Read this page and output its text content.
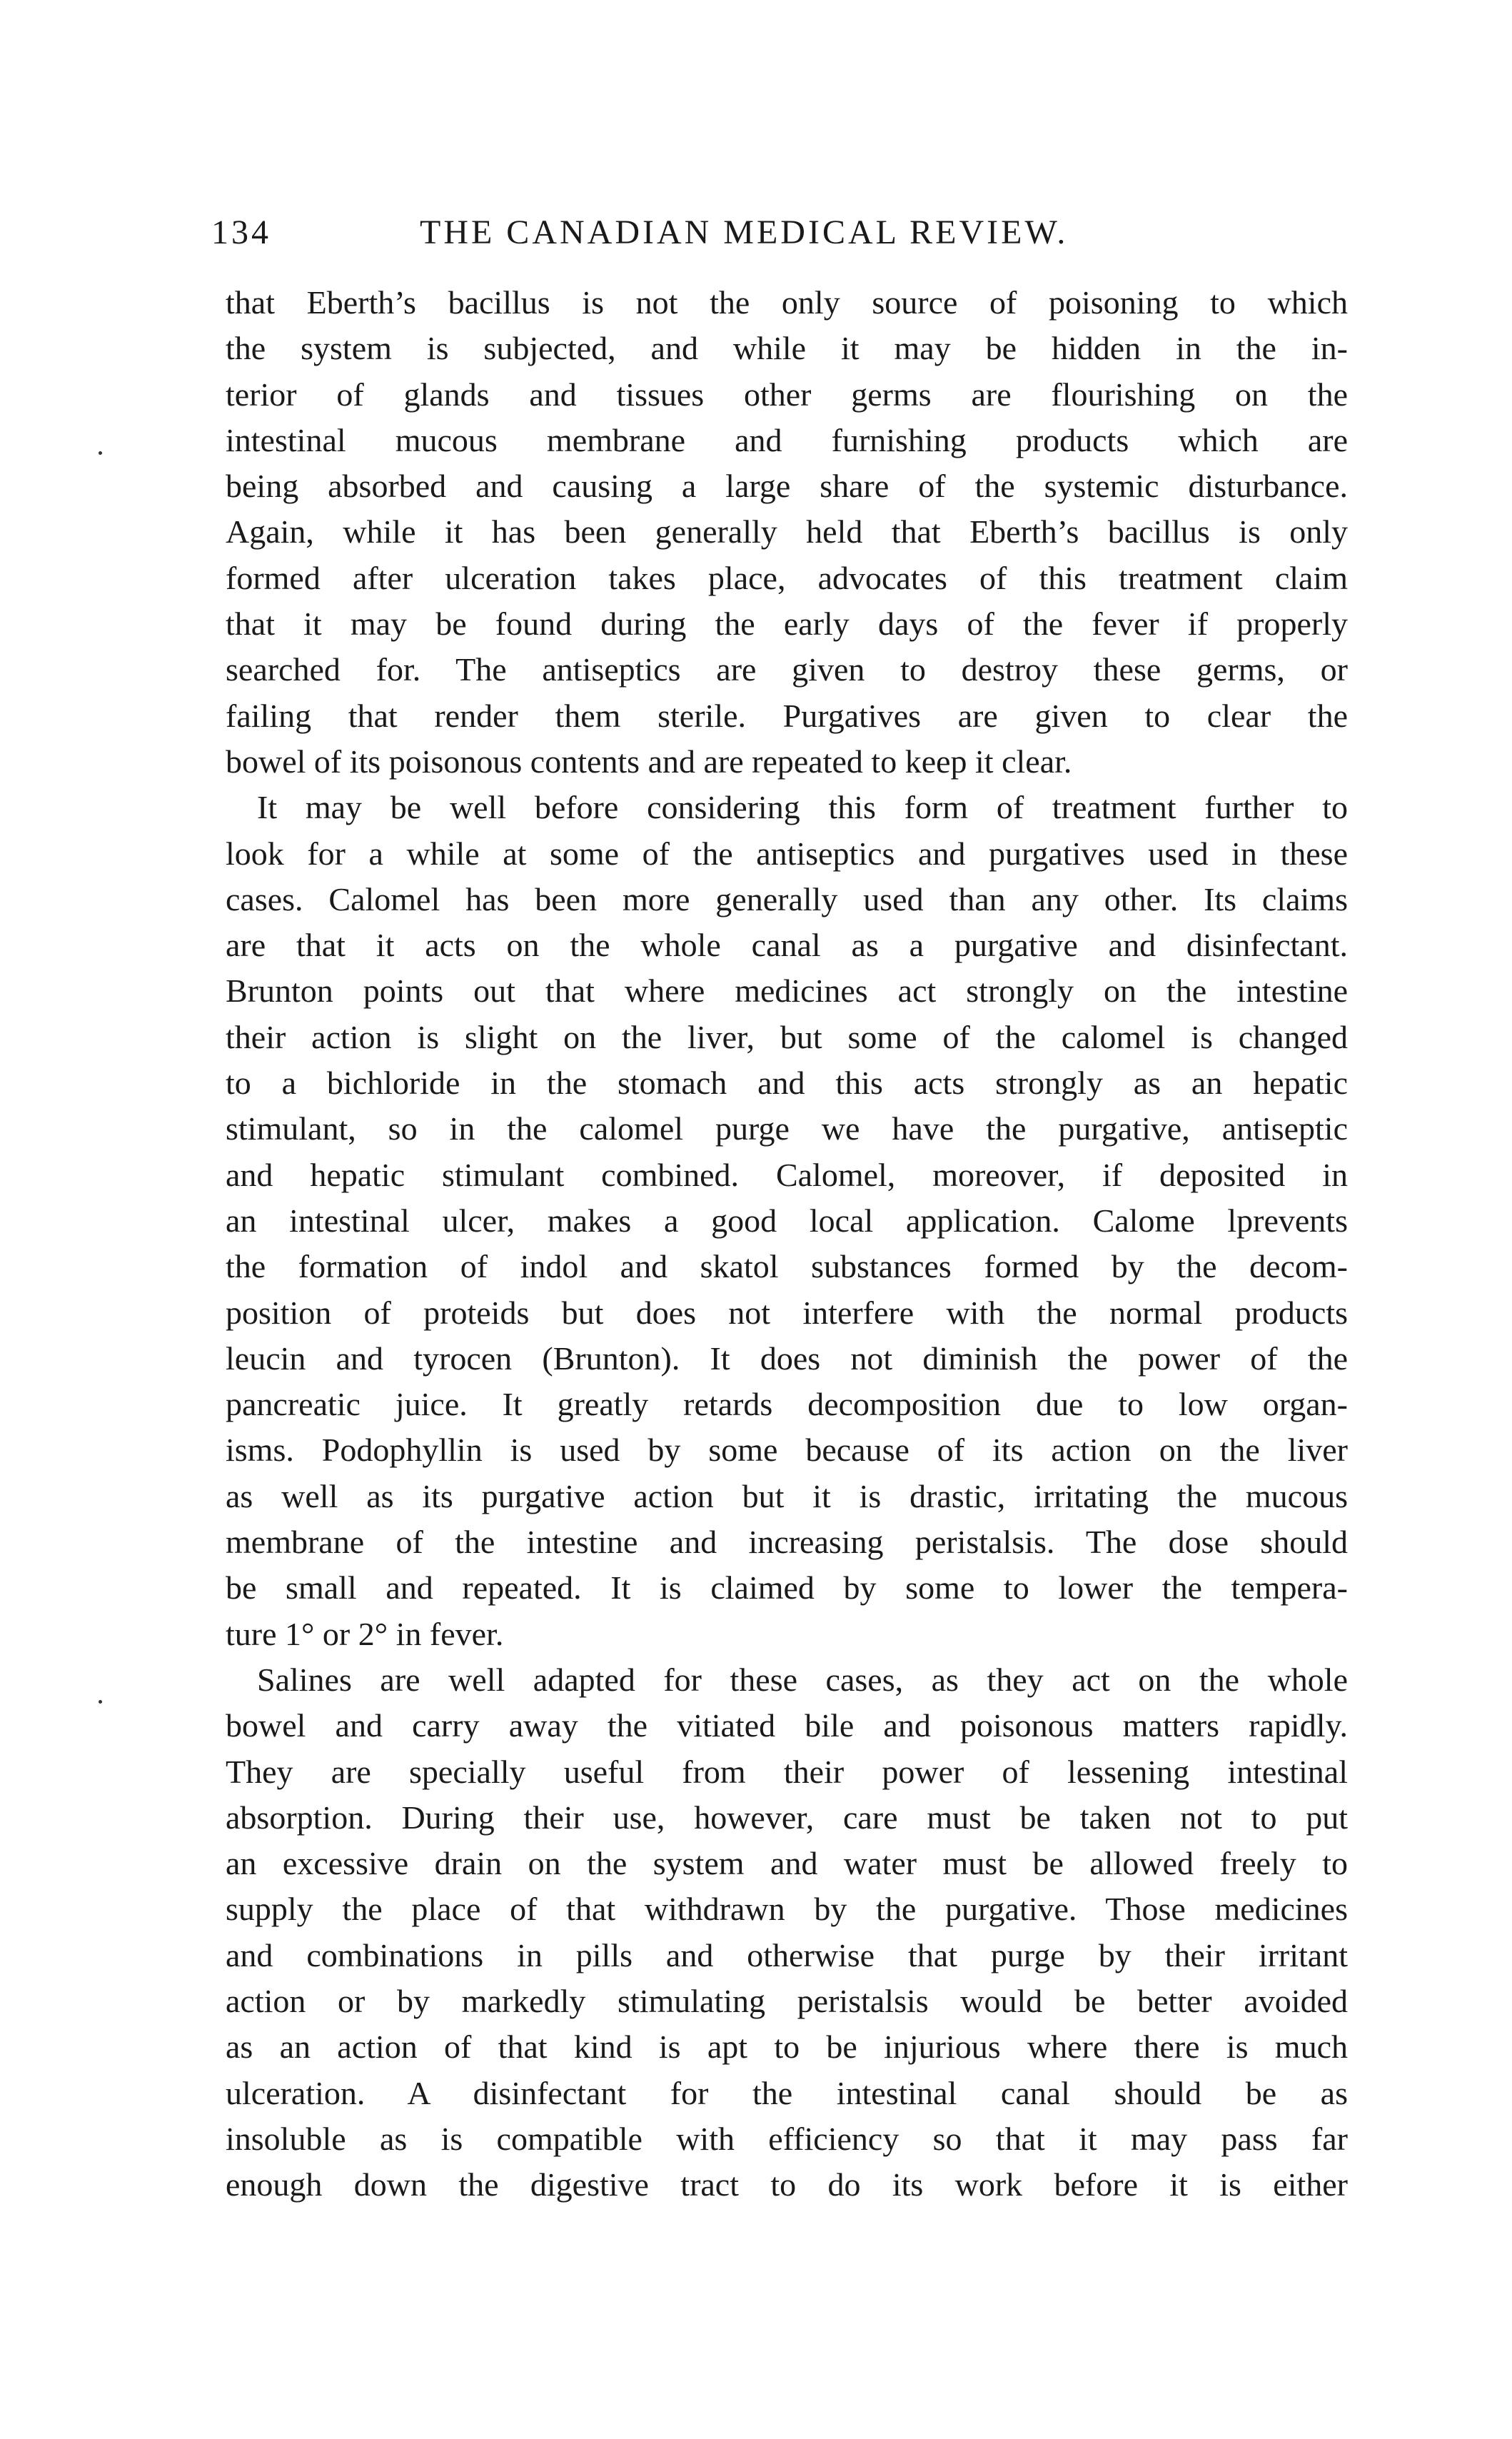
134	THE CANADIAN MEDICAL REVIEW.
that Eberth’s bacillus is not the only source of poisoning to which
the system is subjected, and while it may be hidden in the in-
terior of glands and tissues other germs are flourishing on the
intestinal mucous membrane and furnishing products which are
being absorbed and causing a large share of the systemic disturbance.
Again, while it has been generally held that Eberth’s bacillus is only
formed after ulceration takes place, advocates of this treatment claim
that it may be found during the early days of the fever if properly
searched for. The antiseptics are given to destroy these germs, or
failing that render them sterile. Purgatives are given to clear the
bowel of its poisonous contents and are repeated to keep it clear.
It may be well before considering this form of treatment further to
look for a while at some of the antiseptics and purgatives used in these
cases. Calomel has been more generally used than any other. Its claims
are that it acts on the whole canal as a purgative and disinfectant.
Brunton points out that where medicines act strongly on the intestine
their action is slight on the liver, but some of the calomel is changed
to a bichloride in the stomach and this acts strongly as an hepatic
stimulant, so in the calomel purge we have the purgative, antiseptic
and hepatic stimulant combined. Calomel, moreover, if deposited in
an intestinal ulcer, makes a good local application. Calome lprevents
the formation of indol and skatol substances formed by the decom-
position of proteids but does not interfere with the normal products
leucin and tyrocen (Brunton). It does not diminish the power of the
pancreatic juice. It greatly retards decomposition due to low organ-
isms. Podophyllin is used by some because of its action on the liver
as well as its purgative action but it is drastic, irritating the mucous
membrane of the intestine and increasing peristalsis. The dose should
be small and repeated. It is claimed by some to lower the tempera-
ture 1° or 2° in fever.
Salines are well adapted for these cases, as they act on the whole
bowel and carry away the vitiated bile and poisonous matters rapidly.
They are specially useful from their power of lessening intestinal
absorption. During their use, however, care must be taken not to put
an excessive drain on the system and water must be allowed freely to
supply the place of that withdrawn by the purgative. Those medicines
and combinations in pills and otherwise that purge by their irritant
action or by markedly stimulating peristalsis would be better avoided
as an action of that kind is apt to be injurious where there is much
ulceration. A disinfectant for the intestinal canal should be as
insoluble as is compatible with efficiency so that it may pass far
enough down the digestive tract to do its work before it is either
